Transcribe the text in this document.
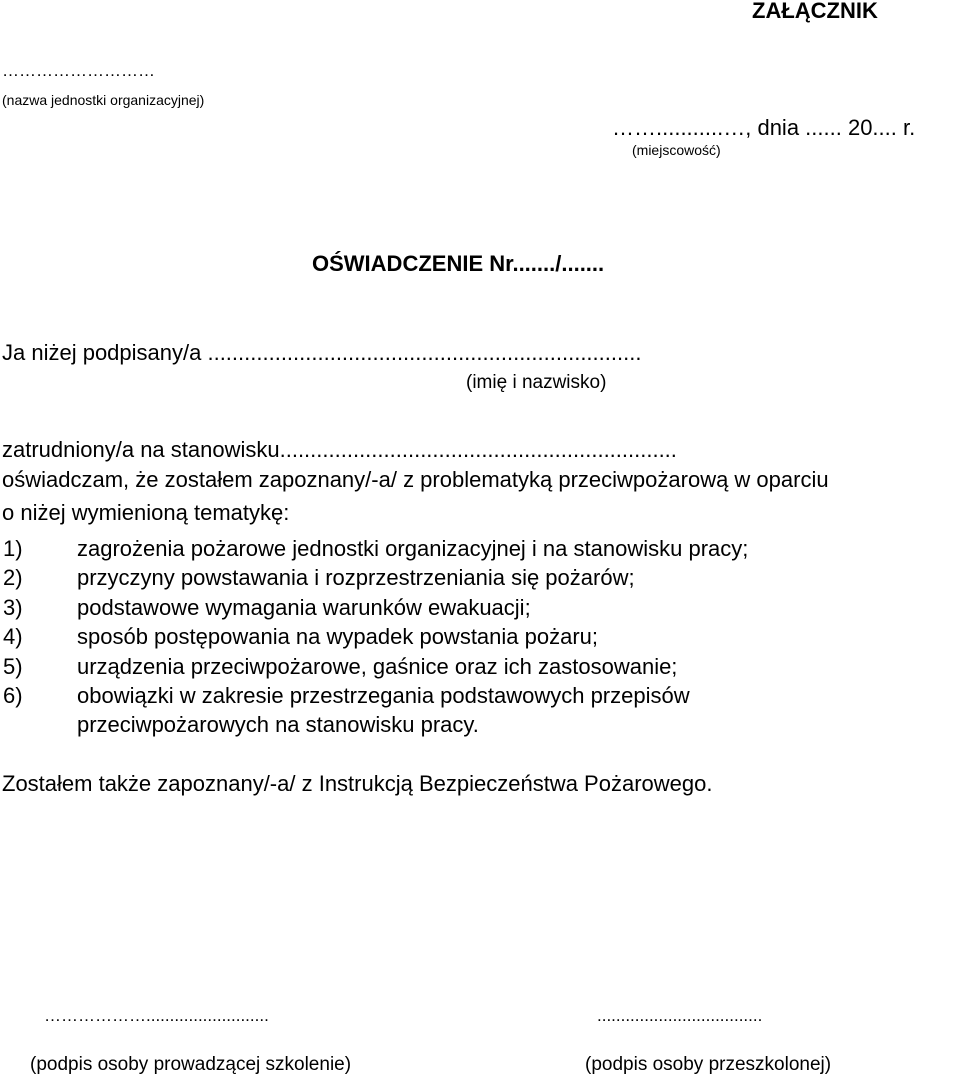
ZAŁĄCZNIK
………………………
(nazwa jednostki organizacyjnej)
……...........…, dnia ...... 20.... r.
(miejscowość)
OŚWIADCZENIE Nr......./.......
Ja niżej podpisany/a .......................................................................
(imię i nazwisko)
zatrudniony/a na stanowisku.................................................................
oświadczam, że zostałem zapoznany/-a/ z problematyką przeciwpożarową w oparciu
o niżej wymienioną tematykę:
1) zagrożenia pożarowe jednostki organizacyjnej i na stanowisku pracy;
2) przyczyny powstawania i rozprzestrzeniania się pożarów;
3) podstawowe wymagania warunków ewakuacji;
4) sposób postępowania na wypadek powstania pożaru;
5) urządzenia przeciwpożarowe, gaśnice oraz ich zastosowanie;
6) obowiązki w zakresie przestrzegania podstawowych przepisów przeciwpożarowych na stanowisku pracy.
Zostałem także zapoznany/-a/ z Instrukcją Bezpieczeństwa Pożarowego.
………………..........................	...................................
(podpis osoby prowadzącej szkolenie)	(podpis osoby przeszkolonej)
